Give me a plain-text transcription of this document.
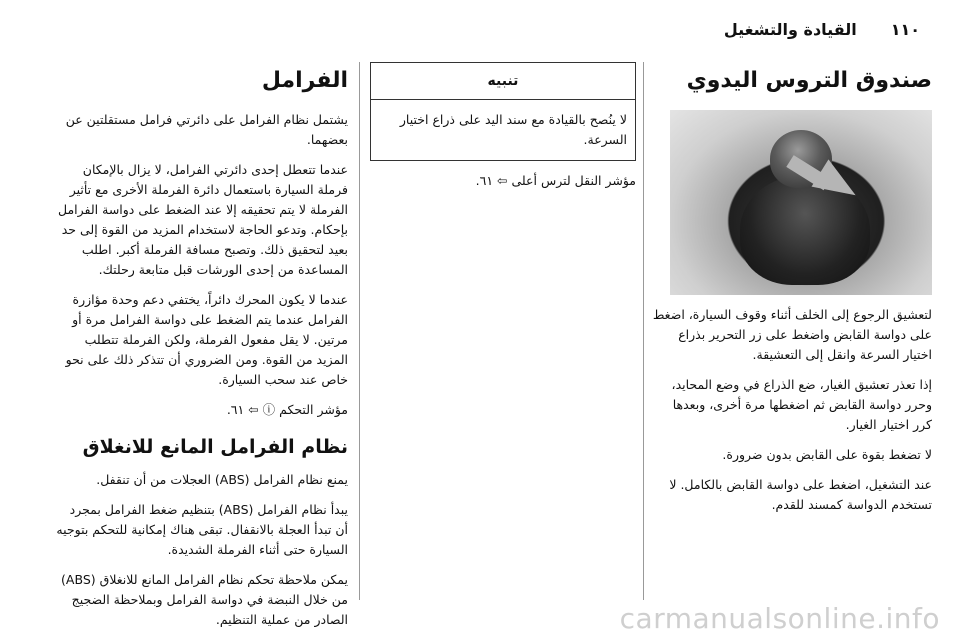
١١٠
القيادة والتشغيل
صندوق التروس اليدوي

لتعشيق الرجوع إلى الخلف أثناء وقوف السيارة، اضغط على دواسة القابض واضغط على زر التحرير بذراع اختيار السرعة وانقل إلى التعشيقة.

إذا تعذر تعشيق الغيار، ضع الذراع في وضع المحايد، وحرر دواسة القابض ثم اضغطها مرة أخرى، وبعدها كرر اختيار الغيار.

لا تضغط بقوة على القابض بدون ضرورة.

عند التشغيل، اضغط على دواسة القابض بالكامل. لا تستخدم الدواسة كمسند للقدم.

تنبيه
لا ينُصح بالقيادة مع سند اليد على ذراع اختيار السرعة.

مؤشر النقل لترس أعلى ⇦ ٦١.

الفرامل

يشتمل نظام الفرامل على دائرتي فرامل مستقلتين عن بعضهما.

عندما تتعطل إحدى دائرتي الفرامل، لا يزال بالإمكان فرملة السيارة باستعمال دائرة الفرملة الأخرى مع تأثير الفرملة لا يتم تحقيقه إلا عند الضغط على دواسة الفرامل بإحكام. وتدعو الحاجة لاستخدام المزيد من القوة إلى حد بعيد لتحقيق ذلك. وتصبح مسافة الفرملة أكبر. اطلب المساعدة من إحدى الورشات قبل متابعة رحلتك.

عندما لا يكون المحرك دائراً، يختفي دعم وحدة مؤازرة الفرامل عندما يتم الضغط على دواسة الفرامل مرة أو مرتين. لا يقل مفعول الفرملة، ولكن الفرملة تتطلب المزيد من القوة. ومن الضروري أن تتذكر ذلك على نحو خاص عند سحب السيارة.

مؤشر التحكم ⓘ ⇦ ٦١.

نظام الفرامل المانع للانغلاق

يمنع نظام الفرامل (ABS) العجلات من أن تنقفل.

يبدأ نظام الفرامل (ABS) بتنظيم ضغط الفرامل بمجرد أن تبدأ العجلة بالانقفال. تبقى هناك إمكانية للتحكم بتوجيه السيارة حتى أثناء الفرملة الشديدة.

يمكن ملاحظة تحكم نظام الفرامل المانع للانغلاق (ABS) من خلال النبضة في دواسة الفرامل وبملاحظة الضجيج الصادر من عملية التنظيم.	carmanualsonline.info
